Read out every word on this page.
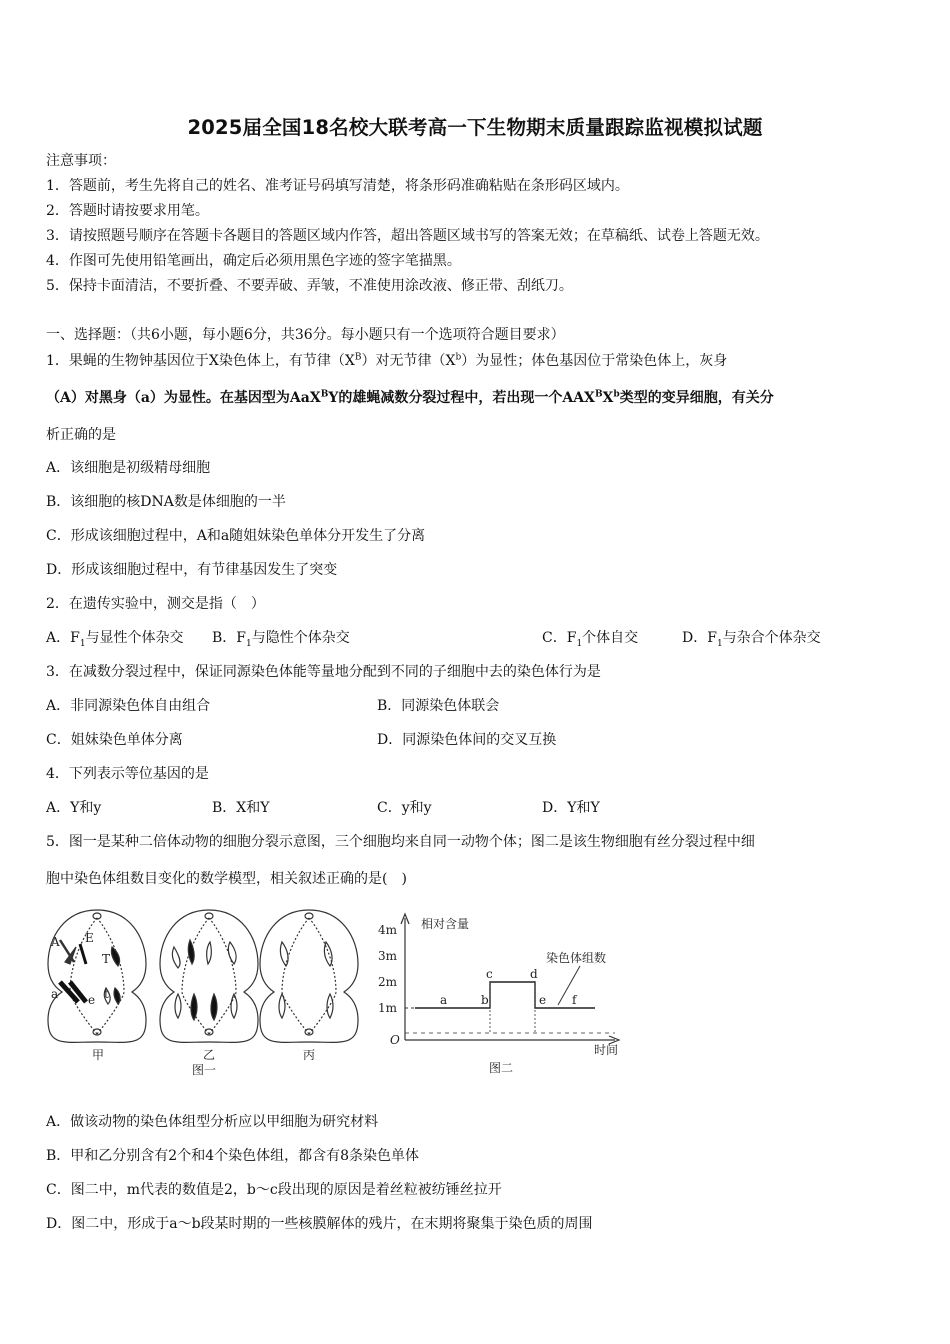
2025届全国18名校大联考高一下生物期末质量跟踪监视模拟试题
注意事项：
1．答题前，考生先将自己的姓名、准考证号码填写清楚，将条形码准确粘贴在条形码区域内。
2．答题时请按要求用笔。
3．请按照题号顺序在答题卡各题目的答题区域内作答，超出答题区域书写的答案无效；在草稿纸、试卷上答题无效。
4．作图可先使用铅笔画出，确定后必须用黑色字迹的签字笔描黑。
5．保持卡面清洁，不要折叠、不要弄破、弄皱，不准使用涂改液、修正带、刮纸刀。
一、选择题：（共6小题，每小题6分，共36分。每小题只有一个选项符合题目要求）
1．果蝇的生物钟基因位于X染色体上，有节律$(X^B)$对无节律$(X^b)$为显性；体色基因位于常染色体上，灰身
（A）对黑身（a）为显性。在基因型为AaX$^B$Y的雄蝇减数分裂过程中，若出现一个$AAX^BX^b$类型的变异细胞，有关分
析正确的是
A．该细胞是初级精母细胞
B．该细胞的核DNA数是体细胞的一半
C．形成该细胞过程中，A和a随姐妹染色单体分开发生了分离
D．形成该细胞过程中，有节律基因发生了突变
2．在遗传实验中，测交是指（　）
A．$F_1$与显性个体杂交 B．$F_1$与隐性个体杂交	C．$F_1$个体自交	D．$F_1$与杂合个体杂交
3．在减数分裂过程中，保证同源染色体能等量地分配到不同的子细胞中去的染色体行为是
A．非同源染色体自由组合	B．同源染色体联会
C．姐妹染色单体分离	D．同源染色体间的交叉互换
4．下列表示等位基因的是
A．Y和y	B．X和Y	C．y和y	D．Y和Y
5．图一是某种二倍体动物的细胞分裂示意图，三个细胞均来自同一动物个体；图二是该生物细胞有丝分裂过程中细
胞中染色体组数目变化的数学模型，相关叙述正确的是(　)
A E
T
a e t
甲	乙	丙
图一
相对含量
4m
3m
2m
1m
O
时间
a	b
c	d
e f
染色体组数
图二
A．做该动物的染色体组型分析应以甲细胞为研究材料
B．甲和乙分别含有2个和4个染色体组，都含有8条染色单体
C．图二中，m代表的数值是2，b～c段出现的原因是着丝粒被纺锤丝拉开
D．图二中，形成于a～b段某时期的一些核膜解体的残片，在末期将聚集于染色质的周围
